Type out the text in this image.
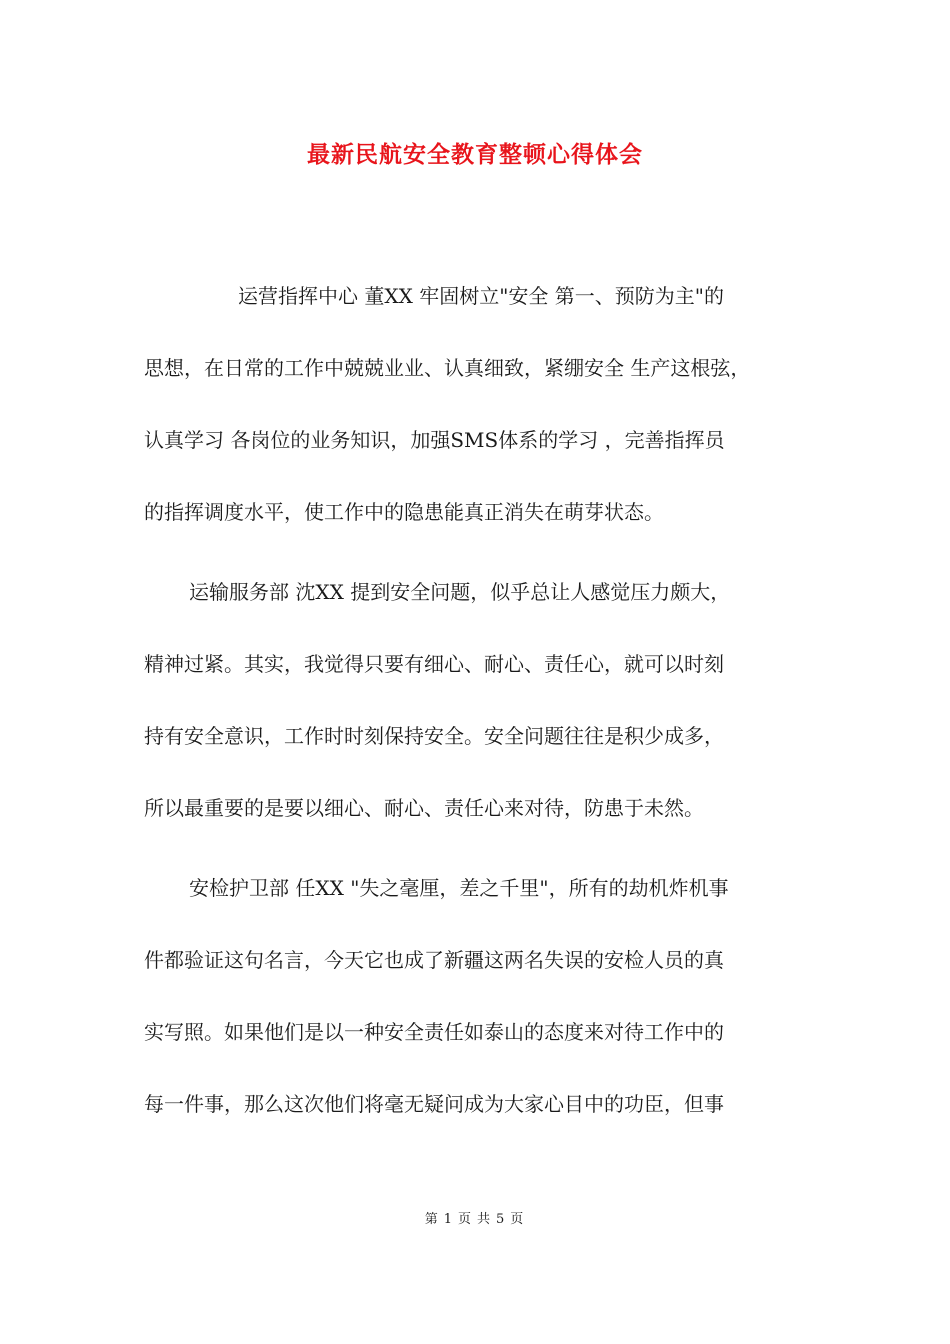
最新民航安全教育整顿心得体会

运营指挥中心 董XX 牢固树立"安全 第一、预防为主"的

思想，在日常的工作中兢兢业业、认真细致，紧绷安全 生产这根弦，

认真学习 各岗位的业务知识，加强SMS体系的学习 ，完善指挥员

的指挥调度水平，使工作中的隐患能真正消失在萌芽状态。

运输服务部 沈XX 提到安全问题，似乎总让人感觉压力颇大，

精神过紧。其实，我觉得只要有细心、耐心、责任心，就可以时刻

持有安全意识，工作时时刻保持安全。安全问题往往是积少成多，

所以最重要的是要以细心、耐心、责任心来对待，防患于未然。

安检护卫部 任XX "失之毫厘，差之千里"，所有的劫机炸机事

件都验证这句名言，今天它也成了新疆这两名失误的安检人员的真

实写照。如果他们是以一种安全责任如泰山的态度来对待工作中的

每一件事，那么这次他们将毫无疑问成为大家心目中的功臣，但事

第 1 页 共 5 页
